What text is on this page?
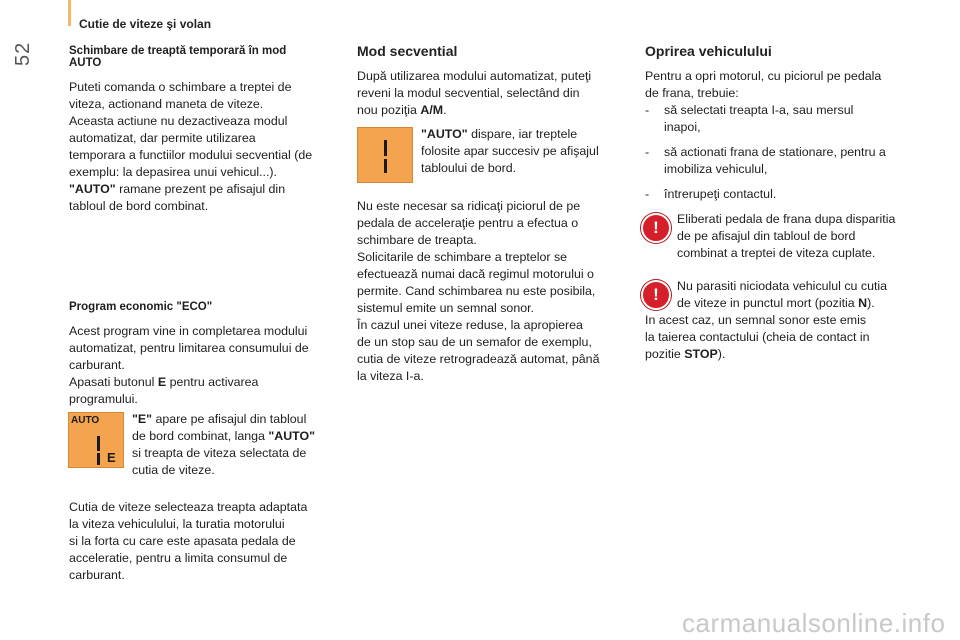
52
Cutie de viteze şi volan
Schimbare de treaptă temporară în mod
AUTO

Puteti comanda o schimbare a treptei de
viteza, actionand maneta de viteze.
Aceasta actiune nu dezactiveaza modul
automatizat, dar permite utilizarea
temporara a functiilor modului secvential (de
exemplu: la depasirea unui vehicul...).
"AUTO" ramane prezent pe afisajul din
tabloul de bord combinat.

Program economic "ECO"

Acest program vine in completarea modului
automatizat, pentru limitarea consumului de
carburant.
Apasati butonul E pentru activarea
programului.

AUTO
E

"E" apare pe afisajul din tabloul
de bord combinat, langa "AUTO"
si treapta de viteza selectata de
cutia de viteze.

Cutia de viteze selecteaza treapta adaptata
la viteza vehiculului, la turatia motorului
si la forta cu care este apasata pedala de
acceleratie, pentru a limita consumul de
carburant.

Mod secvential

După utilizarea modului automatizat, puteţi
reveni la modul secvential, selectând din
nou poziţia A/M.

"AUTO" dispare, iar treptele
folosite apar succesiv pe afişajul
tabloului de bord.

Nu este necesar sa ridicaţi piciorul de pe
pedala de acceleraţie pentru a efectua o
schimbare de treapta.
Solicitarile de schimbare a treptelor se
efectuează numai dacă regimul motorului o
permite. Cand schimbarea nu este posibila,
sistemul emite un semnal sonor.
În cazul unei viteze reduse, la apropierea
de un stop sau de un semafor de exemplu,
cutia de viteze retrogradează automat, până
la viteza I-a.

Oprirea vehiculului

Pentru a opri motorul, cu piciorul pe pedala
de frana, trebuie:

- să selectati treapta I-a, sau mersul
inapoi,
- să actionati frana de stationare, pentru a
imobiliza vehiculul,
- întrerupeţi contactul.
!	Eliberati pedala de frana dupa disparitia
de pe afisajul din tabloul de bord
combinat a treptei de viteza cuplate.

!	Nu parasiti niciodata vehiculul cu cutia
de viteze in punctul mort (pozitia N).

In acest caz, un semnal sonor este emis
la taierea contactului (cheia de contact in
pozitie STOP).

carmanualsonline.info
